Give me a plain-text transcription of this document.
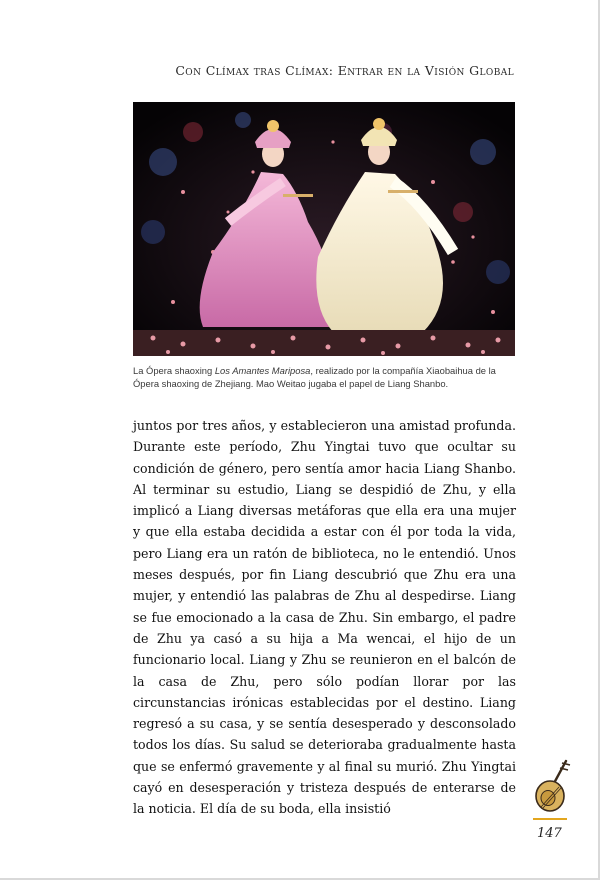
Con Clímax tras Clímax: Entrar en la Visión Global
La Ópera shaoxing Los Amantes Mariposa, realizado por la compañía Xiaobaihua de la Ópera shaoxing de Zhejiang. Mao Weitao jugaba el papel de Liang Shanbo.

juntos por tres años, y establecieron una amistad profunda. Durante este período, Zhu Yingtai tuvo que ocultar su condición de género, pero sentía amor hacia Liang Shanbo. Al terminar su estudio, Liang se despidió de Zhu, y ella implicó a Liang diversas metáforas que ella era una mujer y que ella estaba decidida a estar con él por toda la vida, pero Liang era un ratón de biblioteca, no le entendió. Unos meses después, por fin Liang descubrió que Zhu era una mujer, y entendió las palabras de Zhu al despedirse. Liang se fue emocionado a la casa de Zhu. Sin embargo, el padre de Zhu ya casó a su hija a Ma wencai, el hijo de un funcionario local. Liang y Zhu se reunieron en el balcón de la casa de Zhu, pero sólo podían llorar por las circunstancias irónicas establecidas por el destino. Liang regresó a su casa, y se sentía desesperado y desconsolado todos los días. Su salud se deterioraba gradualmente hasta que se enfermó gravemente y al final su murió. Zhu Yingtai cayó en desesperación y tristeza después de enterarse de la noticia. El día de su boda, ella insistió

147
